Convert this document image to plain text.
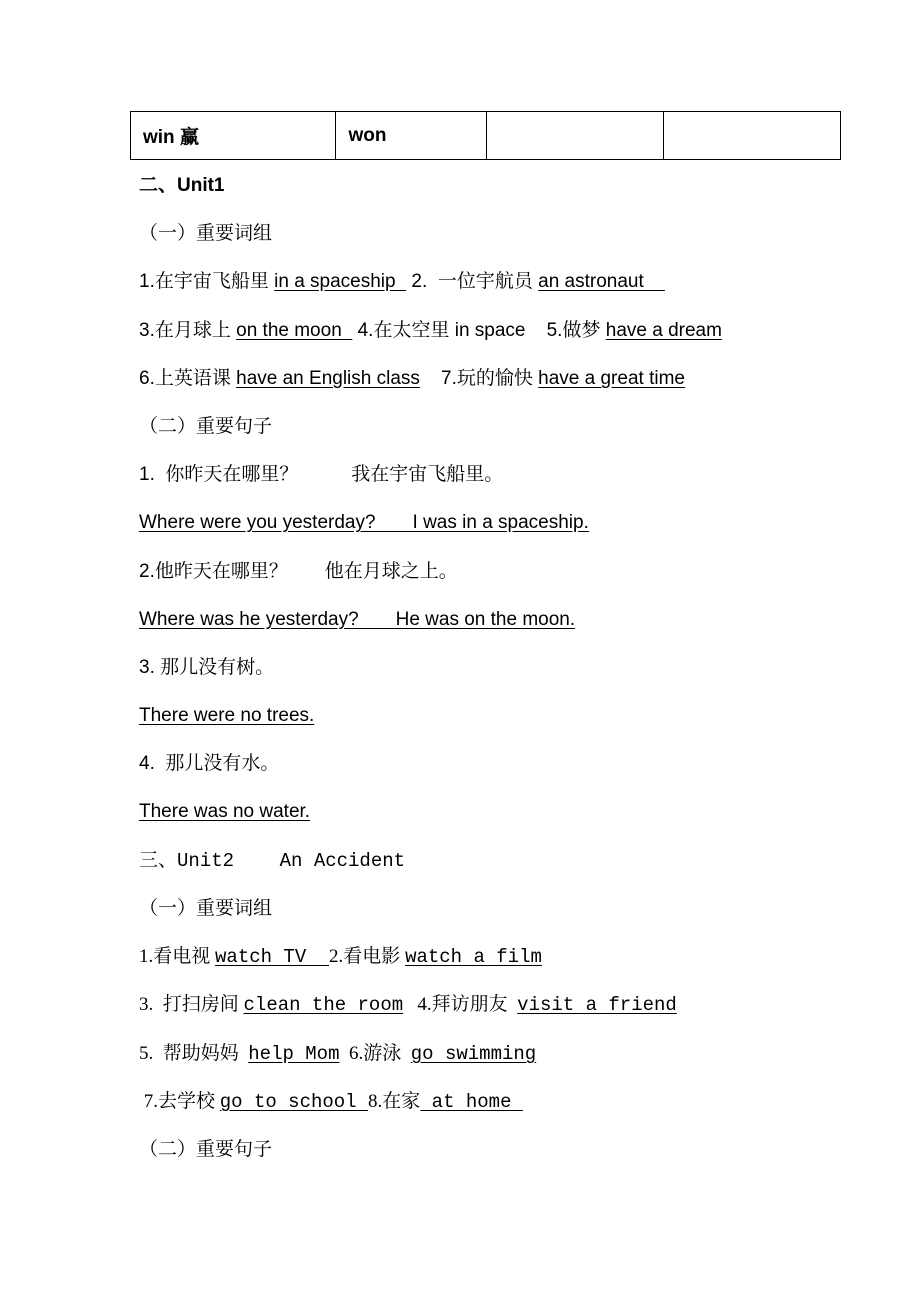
win 赢	won		
二、Unit1
（一）重要词组
1.在宇宙飞船里 in a spaceship   2.  一位宇航员 an astronaut
3.在月球上 on the moon   4.在太空里 in space    5.做梦 have a dream
6.上英语课 have an English class    7.玩的愉快 have a great time
（二）重要句子
1.  你昨天在哪里？          我在宇宙飞船里。
Where were you yesterday?       I was in a spaceship.
2.他昨天在哪里？       他在月球之上。
Where was he yesterday?       He was on the moon.
3. 那儿没有树。
There were no trees.
4.  那儿没有水。
There was no water.
三、Unit2    An Accident
（一）重要词组
1.看电视 watch TV  2.看电影 watch a film
3.  打扫房间 clean the room   4.拜访朋友  visit a friend
5.  帮助妈妈  help Mom  6.游泳  go swimming
7.去学校 go to school 8.在家 at home
（二）重要句子
